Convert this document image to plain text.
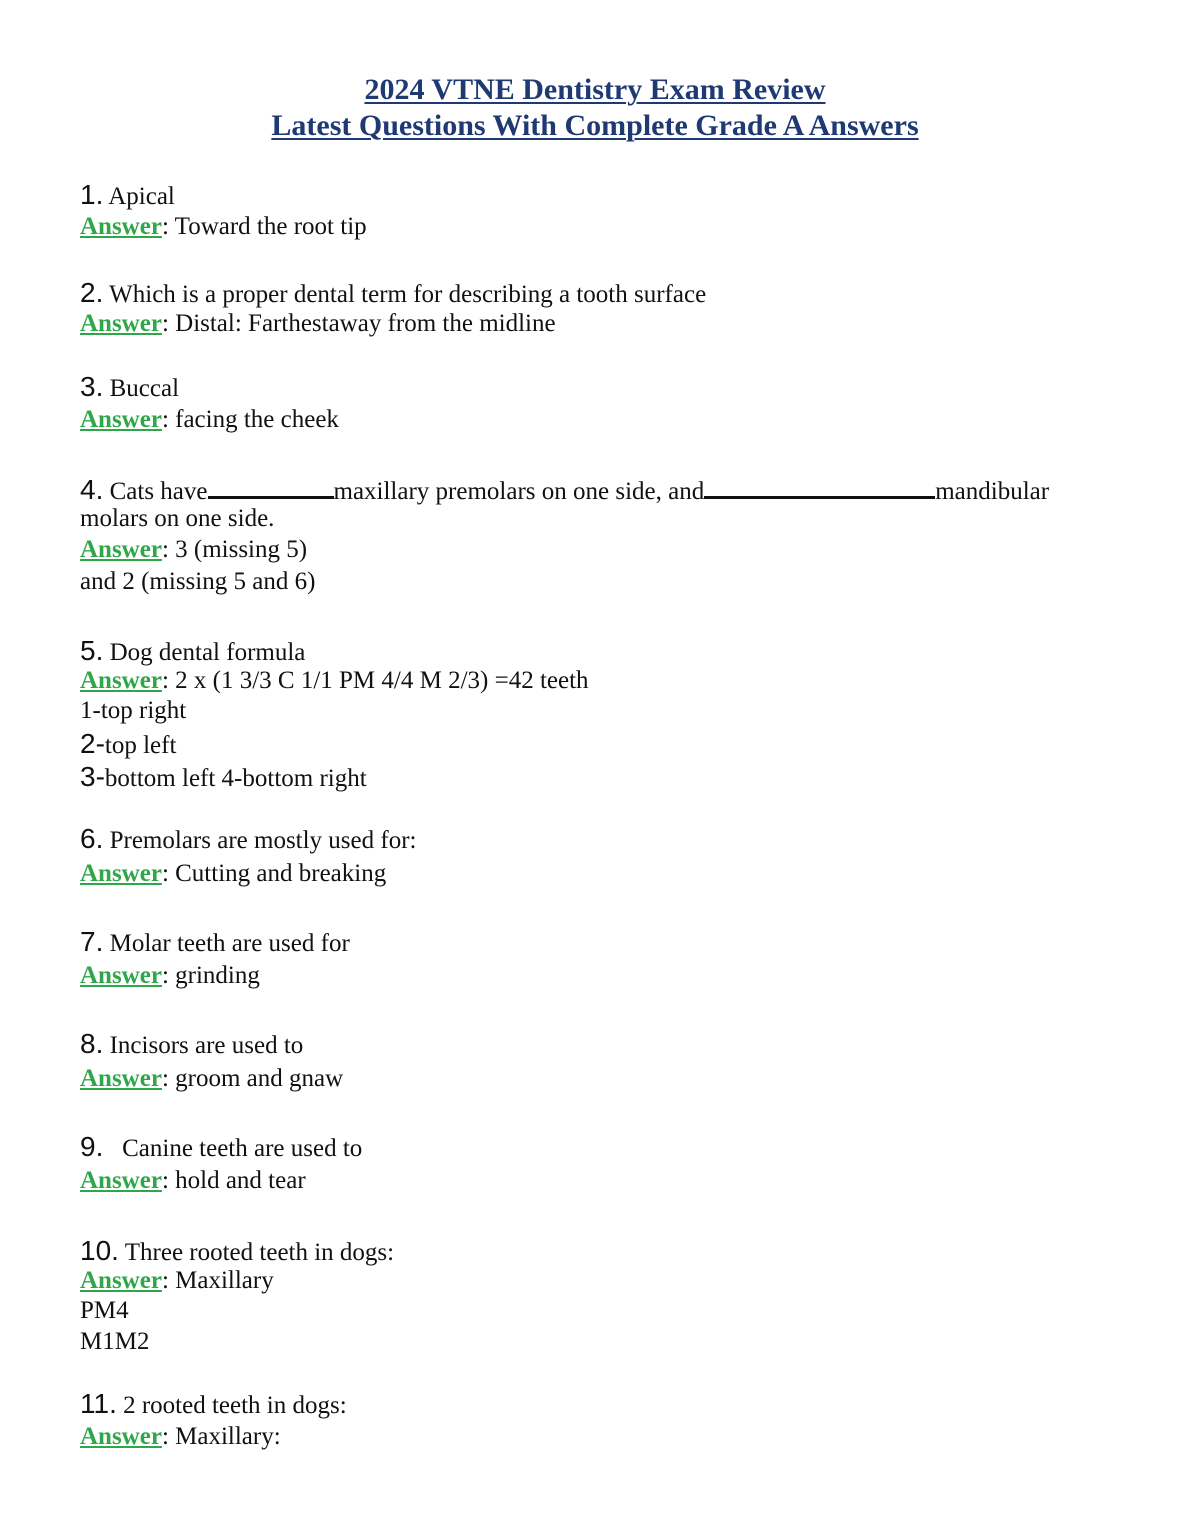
2024 VTNE Dentistry Exam Review
Latest Questions With Complete Grade A Answers

1. Apical

Answer: Toward the root tip

2. Which is a proper dental term for describing a tooth surface

Answer: Distal: Farthestaway from the midline

3. Buccal

Answer: facing the cheek

4. Cats have	maxillary premolars on one side, and	mandibular

molars on one side.

Answer: 3 (missing 5)

and 2 (missing 5 and 6)

5. Dog dental formula

Answer: 2 x (1 3/3 C 1/1 PM 4/4 M 2/3) =42 teeth

1-top right

2-top left

3-bottom left 4-bottom right

6. Premolars are mostly used for:

Answer: Cutting and breaking

7. Molar teeth are used for

Answer: grinding

8. Incisors are used to

Answer: groom and gnaw

9. Canine teeth are used to

Answer: hold and tear

10. Three rooted teeth in dogs:

Answer: Maxillary

PM4

M1M2

11. 2 rooted teeth in dogs:

Answer: Maxillary:
